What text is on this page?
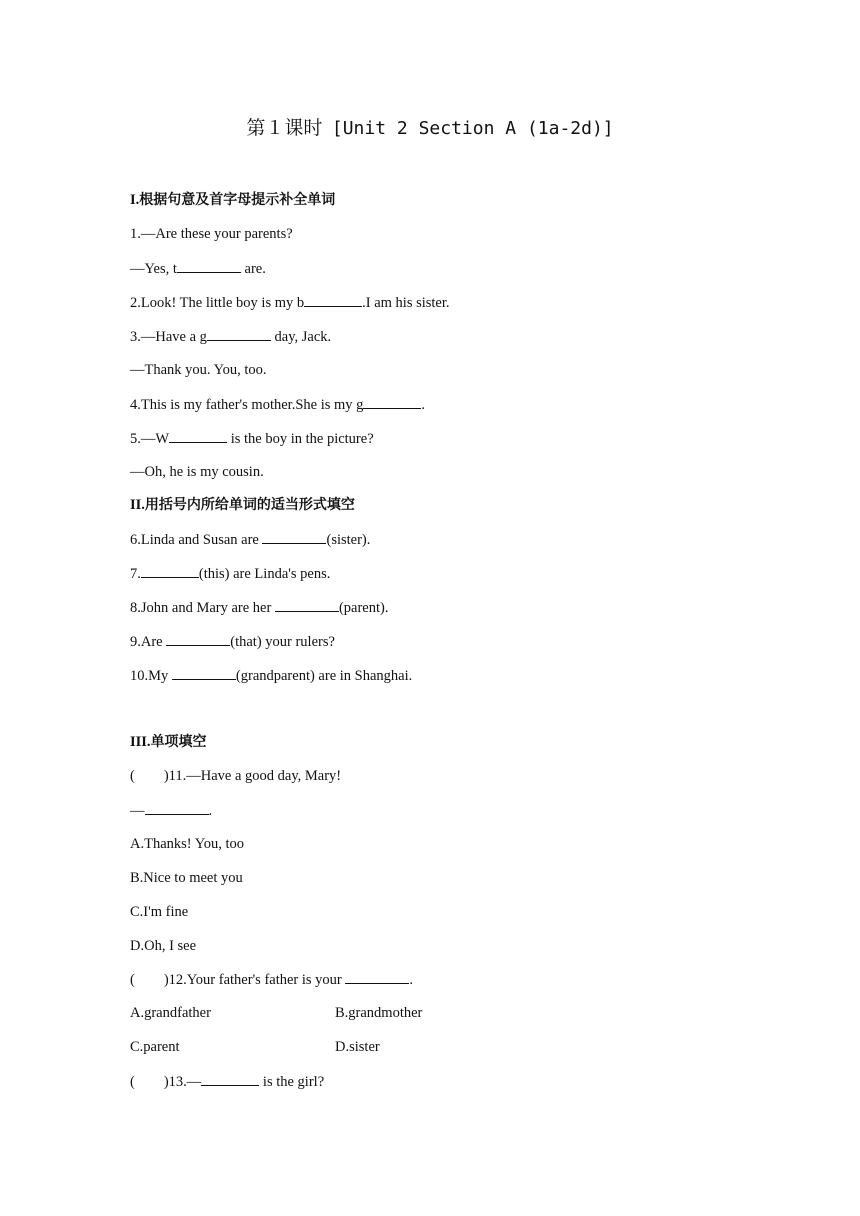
第１课时 [Unit 2 Section A (1a-2d)]
I.根据句意及首字母提示补全单词
1.—Are these your parents?
—Yes, t	are.
2.Look! The little boy is my b	.I am his sister.
3.—Have a g	day, Jack.
—Thank you. You, too.
4.This is my father's mother.She is my g	.
5.—W	is the boy in the picture?
—Oh, he is my cousin.
II.用括号内所给单词的适当形式填空
6.Linda and Susan are	(sister).
7.	(this) are Linda's pens.
8.John and Mary are her	(parent).
9.Are	(that) your rulers?
10.My	(grandparent) are in Shanghai.
III.单项填空
(　　)11.—Have a good day, Mary!
—	.
A.Thanks! You, too
B.Nice to meet you
C.I'm fine
D.Oh, I see
(　　)12.Your father's father is your	.
A.grandfather	B.grandmother
C.parent	D.sister
(　　)13.—	is the girl?
